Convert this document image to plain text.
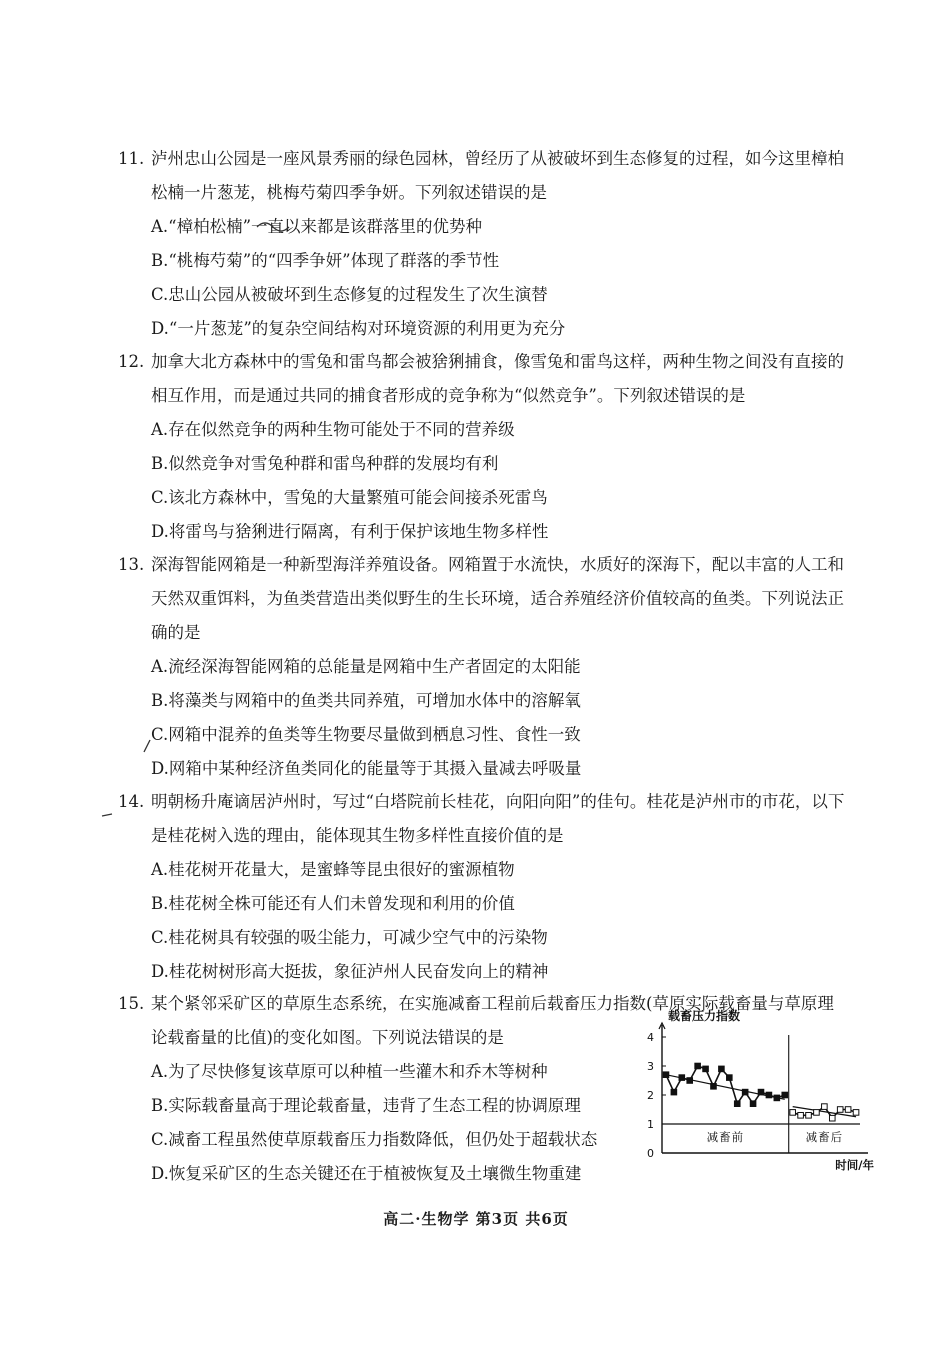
11. 泸州忠山公园是一座风景秀丽的绿色园林，曾经历了从被破坏到生态修复的过程，如今这里樟柏
松楠一片葱茏，桃梅芍菊四季争妍。下列叙述错误的是
A.“樟柏松楠”一直以来都是该群落里的优势种
B.“桃梅芍菊”的“四季争妍”体现了群落的季节性
C.忠山公园从被破坏到生态修复的过程发生了次生演替
D.“一片葱茏”的复杂空间结构对环境资源的利用更为充分
12. 加拿大北方森林中的雪兔和雷鸟都会被猞猁捕食，像雪兔和雷鸟这样，两种生物之间没有直接的
相互作用，而是通过共同的捕食者形成的竞争称为“似然竞争”。下列叙述错误的是
A.存在似然竞争的两种生物可能处于不同的营养级
B.似然竞争对雪兔种群和雷鸟种群的发展均有利
C.该北方森林中，雪兔的大量繁殖可能会间接杀死雷鸟
D.将雷鸟与猞猁进行隔离，有利于保护该地生物多样性
13. 深海智能网箱是一种新型海洋养殖设备。网箱置于水流快，水质好的深海下，配以丰富的人工和
天然双重饵料，为鱼类营造出类似野生的生长环境，适合养殖经济价值较高的鱼类。下列说法正
确的是
A.流经深海智能网箱的总能量是网箱中生产者固定的太阳能
B.将藻类与网箱中的鱼类共同养殖，可增加水体中的溶解氧
C.网箱中混养的鱼类等生物要尽量做到栖息习性、食性一致
D.网箱中某种经济鱼类同化的能量等于其摄入量减去呼吸量
14. 明朝杨升庵谪居泸州时，写过“白塔院前长桂花，向阳向阳”的佳句。桂花是泸州市的市花，以下
是桂花树入选的理由，能体现其生物多样性直接价值的是
A.桂花树开花量大，是蜜蜂等昆虫很好的蜜源植物
B.桂花树全株可能还有人们未曾发现和利用的价值
C.桂花树具有较强的吸尘能力，可减少空气中的污染物
D.桂花树树形高大挺拔，象征泸州人民奋发向上的精神
15. 某个紧邻采矿区的草原生态系统，在实施减畜工程前后载畜压力指数(草原实际载畜量与草原理
论载畜量的比值)的变化如图。下列说法错误的是
A.为了尽快修复该草原可以种植一些灌木和乔木等树种
B.实际载畜量高于理论载畜量，违背了生态工程的协调原理
C.减畜工程虽然使草原载畜压力指数降低，但仍处于超载状态
D.恢复采矿区的生态关键还在于植被恢复及土壤微生物重建
0
1
2
3
4
减畜前	减畜后
载畜压力指数
时间/年
高二·生物学 第3页 共6页
